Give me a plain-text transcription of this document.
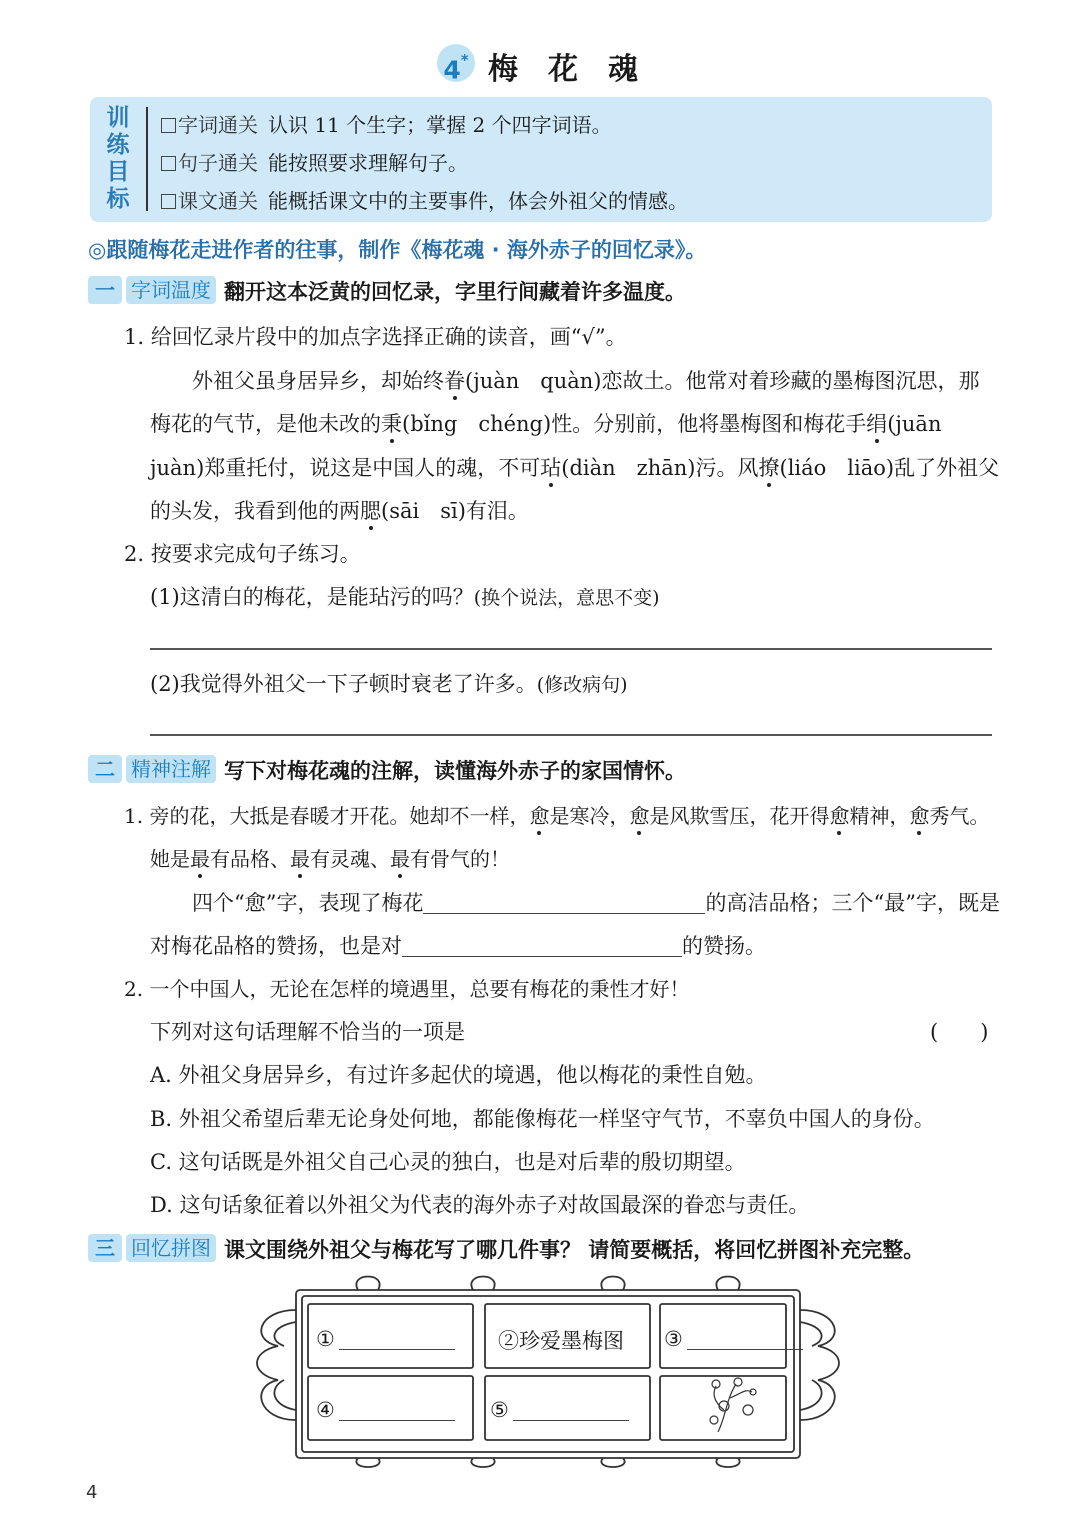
4* 梅花魂
训练目标
字词通关 认识 11 个生字；掌握 2 个四字词语。
句子通关 能按照要求理解句子。
课文通关 能概括课文中的主要事件，体会外祖父的情感。
◎跟随梅花走进作者的往事，制作《梅花魂 · 海外赤子的回忆录》。
一 字词温度 翻开这本泛黄的回忆录，字里行间藏着许多温度。
1. 给回忆录片段中的加点字选择正确的读音，画“√”。
外祖父虽身居异乡，却始终眷(juàn　quàn)恋故土。他常对着珍藏的墨梅图沉思，那
梅花的气节，是他未改的秉(bǐng　chéng)性。分别前，他将墨梅图和梅花手绢(juān
juàn)郑重托付，说这是中国人的魂，不可玷(diàn　zhān)污。风撩(liáo　liāo)乱了外祖父
的头发，我看到他的两腮(sāi　sī)有泪。
2. 按要求完成句子练习。
(1)这清白的梅花，是能玷污的吗？(换个说法，意思不变)
(2)我觉得外祖父一下子顿时衰老了许多。(修改病句)
二 精神注解 写下对梅花魂的注解，读懂海外赤子的家国情怀。
1. 旁的花，大抵是春暖才开花。她却不一样，愈是寒冷，愈是风欺雪压，花开得愈精神，愈秀气。
她是最有品格、最有灵魂、最有骨气的！
四个“愈”字，表现了梅花	的高洁品格；三个“最”字，既是
对梅花品格的赞扬，也是对	的赞扬。
2. 一个中国人，无论在怎样的境遇里，总要有梅花的秉性才好！
下列对这句话理解不恰当的一项是	(　　)
A. 外祖父身居异乡，有过许多起伏的境遇，他以梅花的秉性自勉。
B. 外祖父希望后辈无论身处何地，都能像梅花一样坚守气节，不辜负中国人的身份。
C. 这句话既是外祖父自己心灵的独白，也是对后辈的殷切期望。
D. 这句话象征着以外祖父为代表的海外赤子对故国最深的眷恋与责任。
三 回忆拼图 课文围绕外祖父与梅花写了哪几件事？ 请简要概括，将回忆拼图补充完整。
①	②珍爱墨梅图 ③
④	⑤
4
